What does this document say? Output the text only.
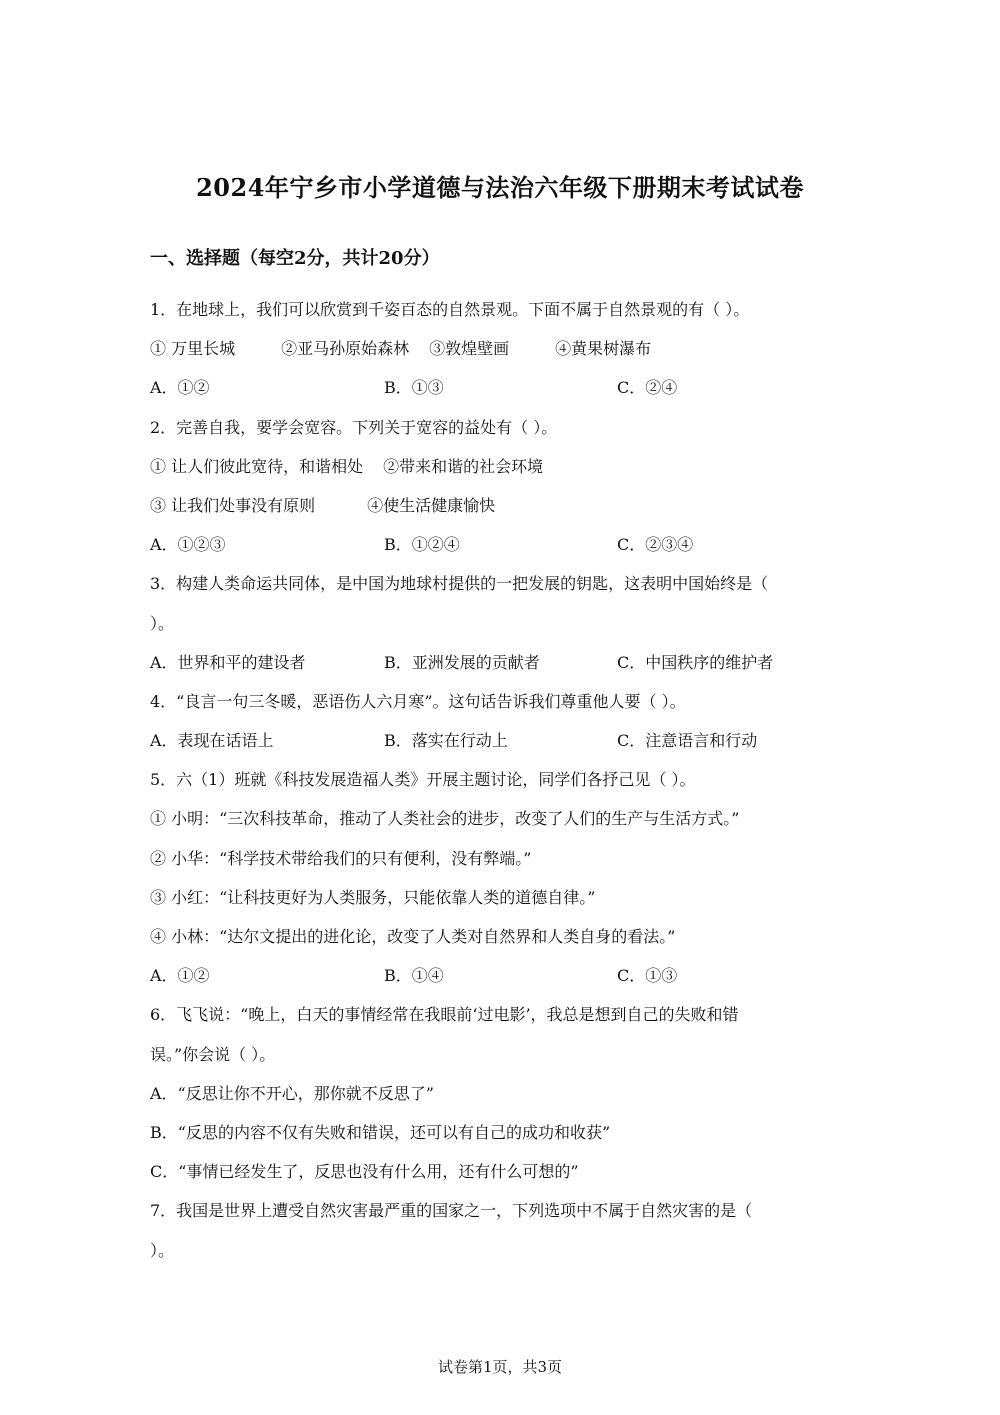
2024年宁乡市小学道德与法治六年级下册期末考试试卷
一、选择题（每空2分，共计20分）
1．在地球上，我们可以欣赏到千姿百态的自然景观。下面不属于自然景观的有（ ）。
① 万里长城	②亚马孙原始森林 ③敦煌壁画	④黄果树瀑布
A．①②	B．①③	C．②④
2．完善自我，要学会宽容。下列关于宽容的益处有（ ）。
① 让人们彼此宽待，和谐相处 ②带来和谐的社会环境
③ 让我们处事没有原则	④使生活健康愉快
A．①②③	B．①②④	C．②③④
3．构建人类命运共同体，是中国为地球村提供的一把发展的钥匙，这表明中国始终是（
）。
A．世界和平的建设者	B．亚洲发展的贡献者	C．中国秩序的维护者
4．“良言一句三冬暖，恶语伤人六月寒”。这句话告诉我们尊重他人要（ ）。
A．表现在话语上	B．落实在行动上	C．注意语言和行动
5．六（1）班就《科技发展造福人类》开展主题讨论，同学们各抒己见（ ）。
① 小明：“三次科技革命，推动了人类社会的进步，改变了人们的生产与生活方式。”
② 小华：“科学技术带给我们的只有便利，没有弊端。”
③ 小红：“让科技更好为人类服务，只能依靠人类的道德自律。”
④ 小林：“达尔文提出的进化论，改变了人类对自然界和人类自身的看法。”
A．①②	B．①④	C．①③
6．飞飞说：“晚上，白天的事情经常在我眼前‘过电影’，我总是想到自己的失败和错
误。”你会说（ ）。
A．“反思让你不开心，那你就不反思了”
B．“反思的内容不仅有失败和错误，还可以有自己的成功和收获”
C．“事情已经发生了，反思也没有什么用，还有什么可想的”
7．我国是世界上遭受自然灾害最严重的国家之一，下列选项中不属于自然灾害的是（
）。
试卷第1页，共3页
